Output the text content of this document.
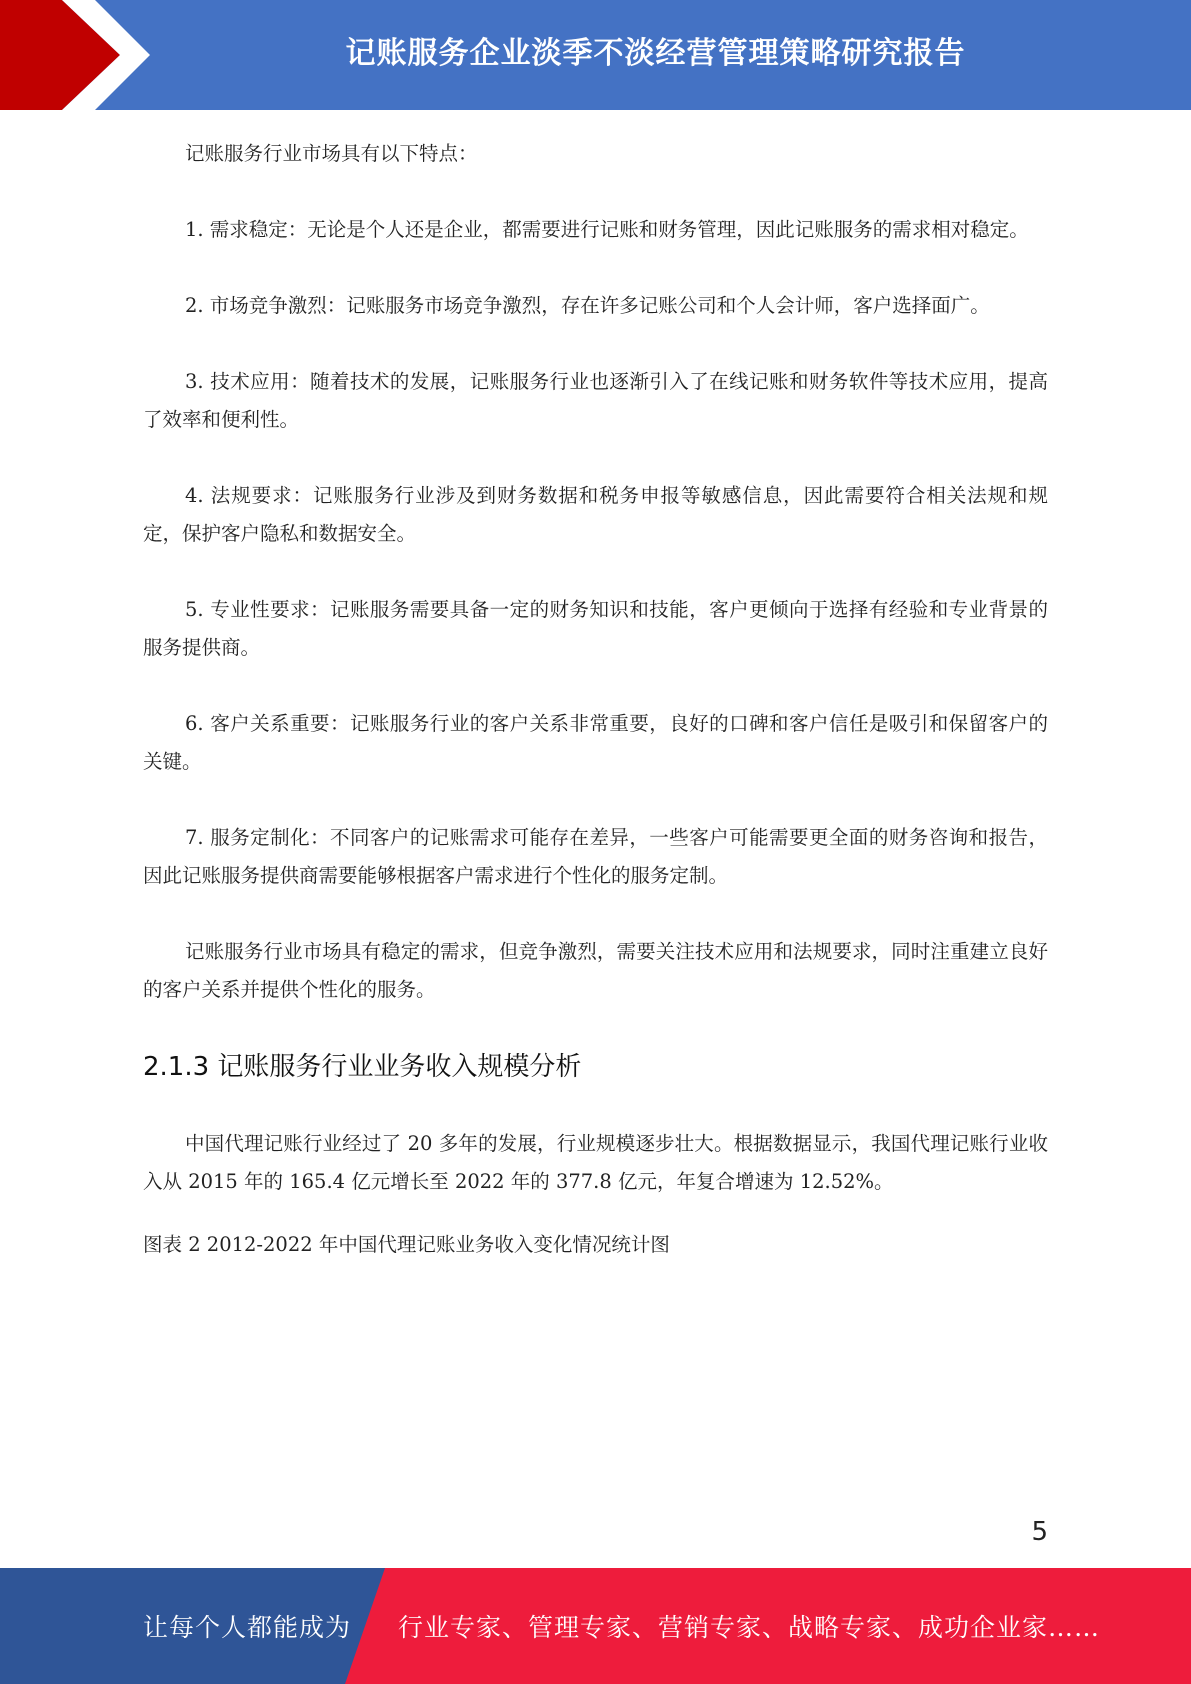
记账服务企业淡季不淡经营管理策略研究报告

记账服务行业市场具有以下特点：

1. 需求稳定：无论是个人还是企业，都需要进行记账和财务管理，因此记账服务的需求相对稳定。

2. 市场竞争激烈：记账服务市场竞争激烈，存在许多记账公司和个人会计师，客户选择面广。

3. 技术应用：随着技术的发展，记账服务行业也逐渐引入了在线记账和财务软件等技术应用，提高了效率和便利性。

4. 法规要求：记账服务行业涉及到财务数据和税务申报等敏感信息，因此需要符合相关法规和规定，保护客户隐私和数据安全。

5. 专业性要求：记账服务需要具备一定的财务知识和技能，客户更倾向于选择有经验和专业背景的服务提供商。

6. 客户关系重要：记账服务行业的客户关系非常重要，良好的口碑和客户信任是吸引和保留客户的关键。

7. 服务定制化：不同客户的记账需求可能存在差异，一些客户可能需要更全面的财务咨询和报告，因此记账服务提供商需要能够根据客户需求进行个性化的服务定制。

记账服务行业市场具有稳定的需求，但竞争激烈，需要关注技术应用和法规要求，同时注重建立良好的客户关系并提供个性化的服务。

2.1.3 记账服务行业业务收入规模分析

中国代理记账行业经过了 20 多年的发展，行业规模逐步壮大。根据数据显示，我国代理记账行业收入从 2015 年的 165.4 亿元增长至 2022 年的 377.8 亿元，年复合增速为 12.52%。

图表 2 2012-2022 年中国代理记账业务收入变化情况统计图

5
让每个人都能成为 行业专家、管理专家、营销专家、战略专家、成功企业家……
